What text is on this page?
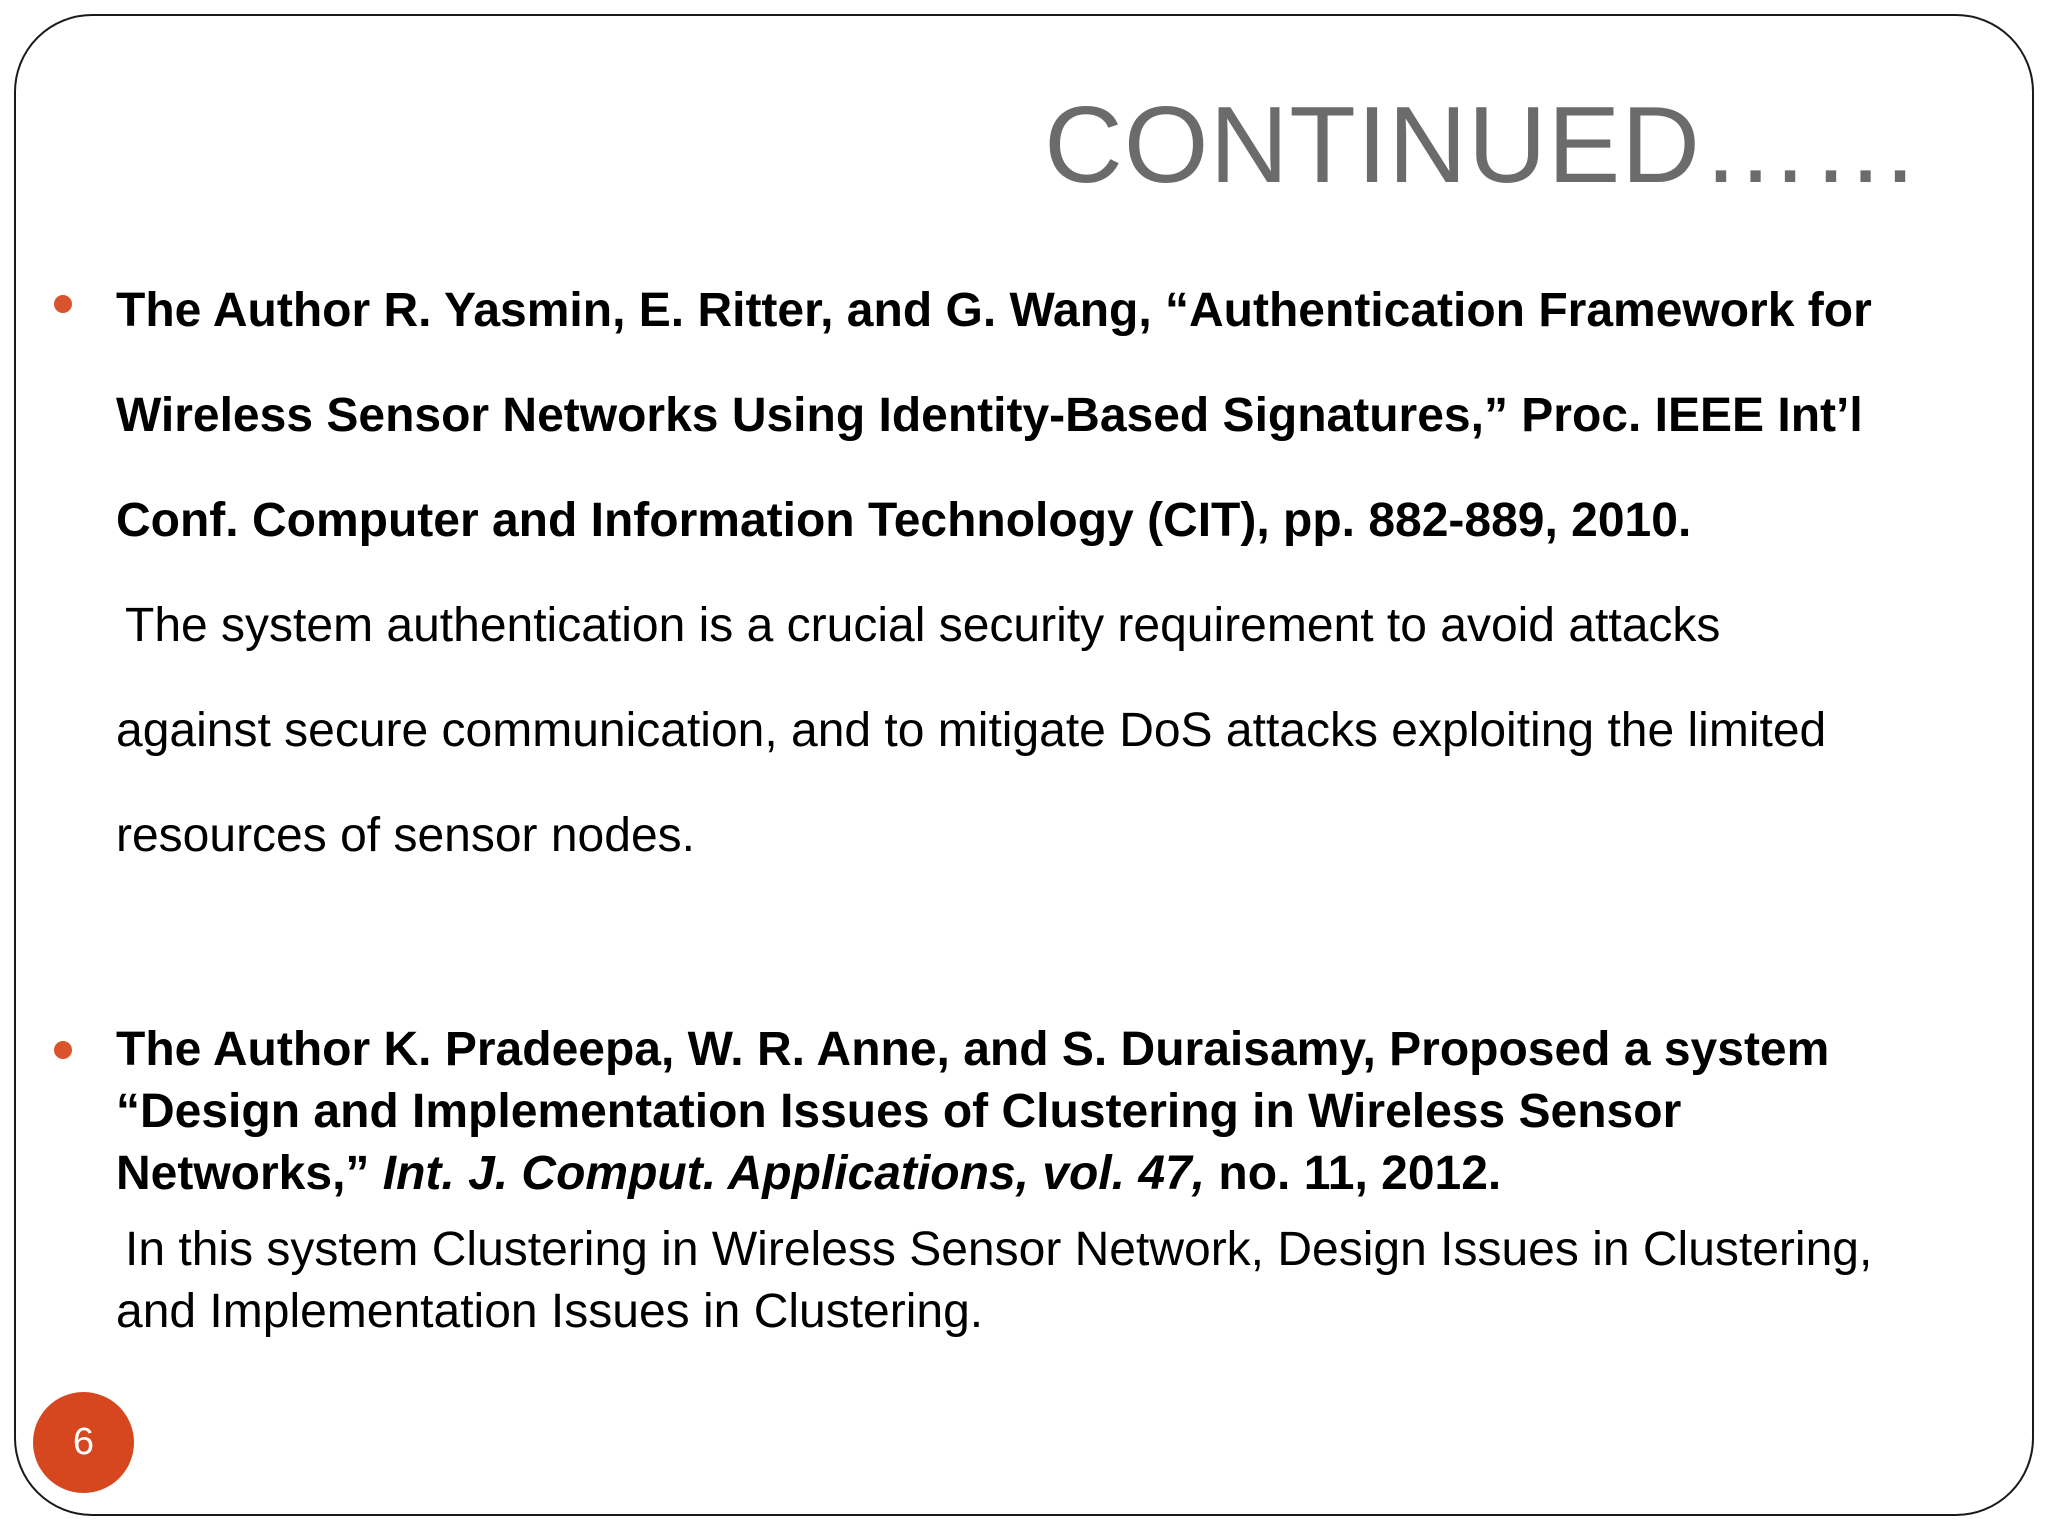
CONTINUED……
The Author R. Yasmin, E. Ritter, and G. Wang, “Authentication Framework for
Wireless Sensor Networks Using Identity-Based Signatures,” Proc. IEEE Int’l
Conf. Computer and Information Technology (CIT), pp. 882-889, 2010.
The system authentication is a crucial security requirement to avoid attacks
against secure communication, and to mitigate DoS attacks exploiting the limited
resources of sensor nodes.
The Author K. Pradeepa, W. R. Anne, and S. Duraisamy, Proposed a system
“Design and Implementation Issues of Clustering in Wireless Sensor
Networks,” Int. J. Comput. Applications, vol. 47, no. 11, 2012.
In this system Clustering in Wireless Sensor Network, Design Issues in Clustering,
and Implementation Issues in Clustering.
6
